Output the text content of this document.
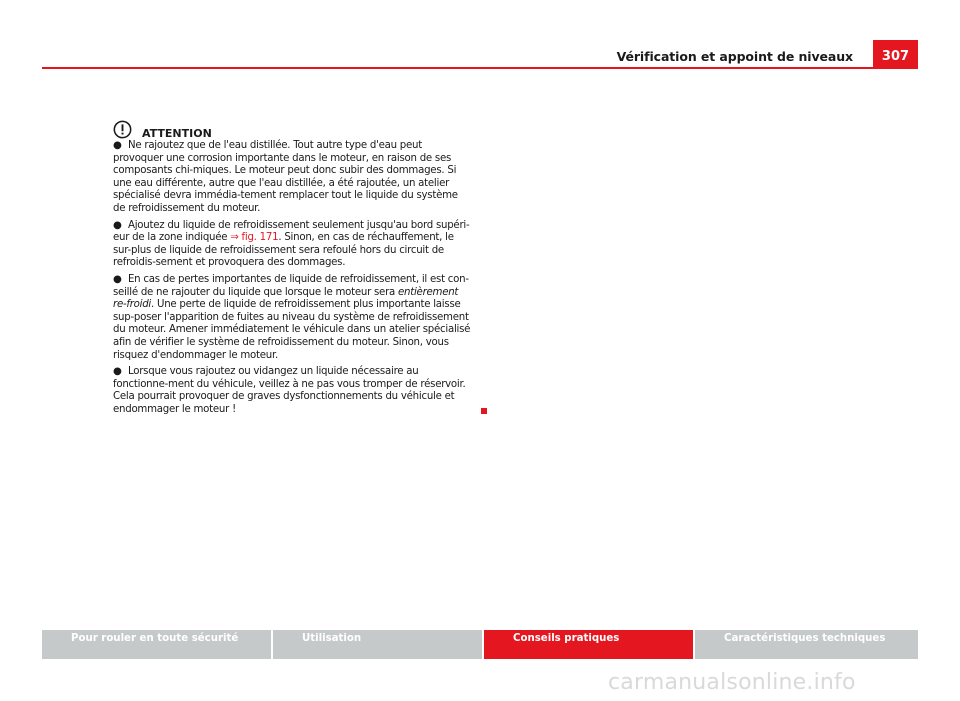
Vérification et appoint de niveaux	307
ATTENTION

● Ne rajoutez que de l'eau distillée. Tout autre type d'eau peut provoquer une corrosion importante dans le moteur, en raison de ses composants chi-miques. Le moteur peut donc subir des dommages. Si une eau différente, autre que l'eau distillée, a été rajoutée, un atelier spécialisé devra immédia-tement remplacer tout le liquide du système de refroidissement du moteur.

● Ajoutez du liquide de refroidissement seulement jusqu'au bord supéri-eur de la zone indiquée ⇒ fig. 171. Sinon, en cas de réchauffement, le sur-plus de liquide de refroidissement sera refoulé hors du circuit de refroidis-sement et provoquera des dommages.

● En cas de pertes importantes de liquide de refroidissement, il est con-seillé de ne rajouter du liquide que lorsque le moteur sera entièrement re-froidi. Une perte de liquide de refroidissement plus importante laisse sup-poser l'apparition de fuites au niveau du système de refroidissement du moteur. Amener immédiatement le véhicule dans un atelier spécialisé afin de vérifier le système de refroidissement du moteur. Sinon, vous risquez d'endommager le moteur.

● Lorsque vous rajoutez ou vidangez un liquide nécessaire au fonctionne-ment du véhicule, veillez à ne pas vous tromper de réservoir. Cela pourrait provoquer de graves dysfonctionnements du véhicule et endommager le moteur !

Pour rouler en toute sécurité	Utilisation	Conseils pratiques	Caractéristiques techniques
carmanualsonline.info
